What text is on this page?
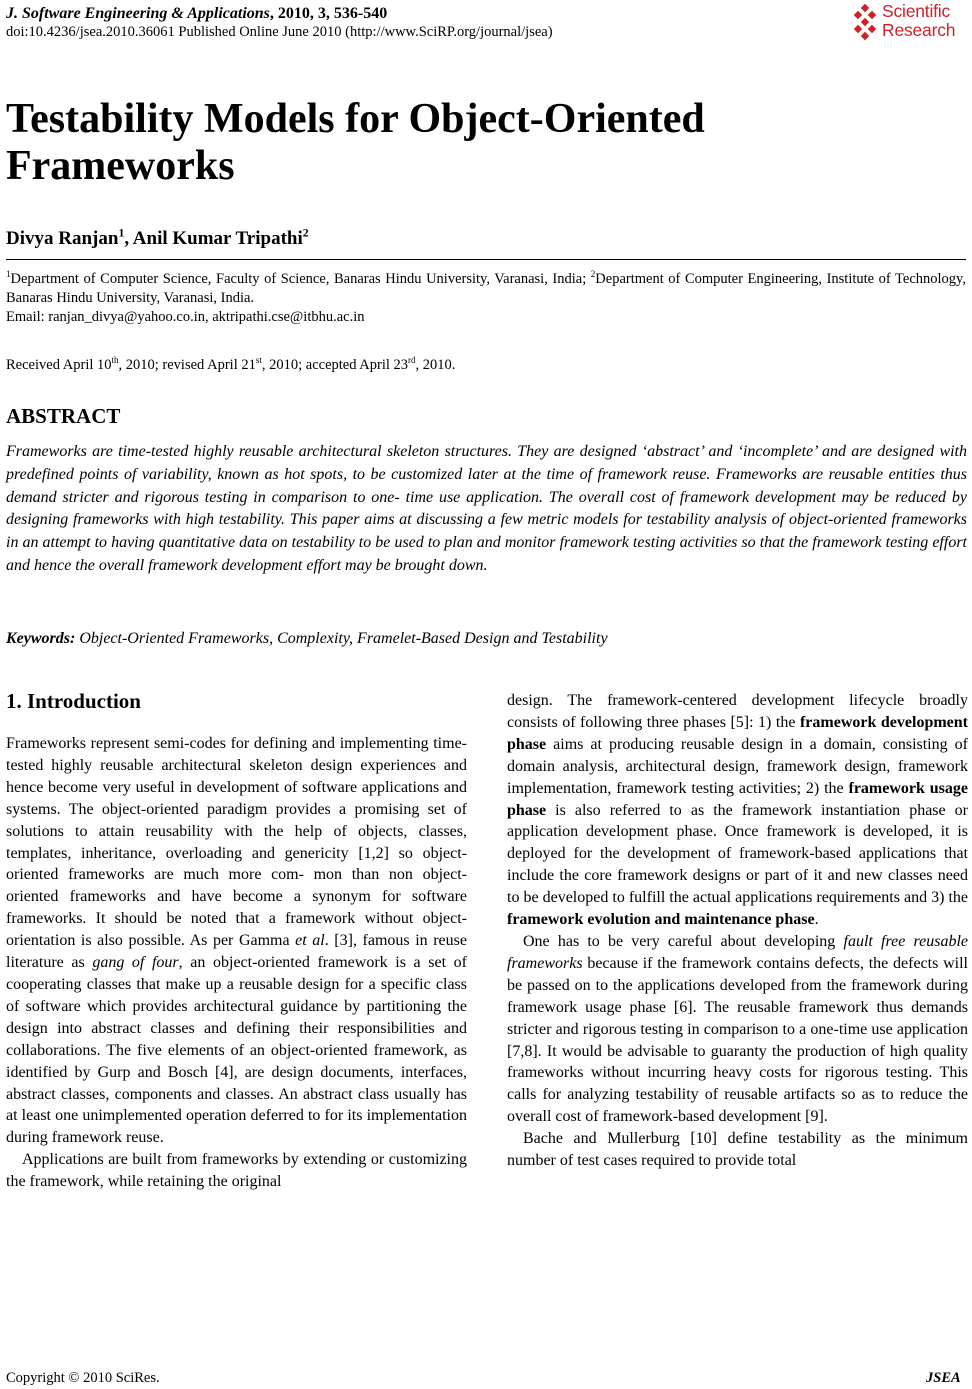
J. Software Engineering & Applications, 2010, 3, 536-540
doi:10.4236/jsea.2010.36061 Published Online June 2010 (http://www.SciRP.org/journal/jsea)
Scientific
Research
Testability Models for Object-Oriented Frameworks
Divya Ranjan$^1$, Anil Kumar Tripathi$^2$
$^1$Department of Computer Science, Faculty of Science, Banaras Hindu University, Varanasi, India; $^2$Department of Computer Engineering, Institute of Technology, Banaras Hindu University, Varanasi, India.
Email: ranjan_divya@yahoo.co.in, aktripathi.cse@itbhu.ac.in
Received April 10th, 2010; revised April 21st, 2010; accepted April 23rd, 2010.
ABSTRACT

Frameworks are time-tested highly reusable architectural skeleton structures. They are designed ‘abstract’ and ‘incomplete’ and are designed with predefined points of variability, known as hot spots, to be customized later at the time of framework reuse. Frameworks are reusable entities thus demand stricter and rigorous testing in comparison to one- time use application. The overall cost of framework development may be reduced by designing frameworks with high testability. This paper aims at discussing a few metric models for testability analysis of object-oriented frameworks in an attempt to having quantitative data on testability to be used to plan and monitor framework testing activities so that the framework testing effort and hence the overall framework development effort may be brought down.

Keywords: Object-Oriented Frameworks, Complexity, Framelet-Based Design and Testability
1. Introduction

Frameworks represent semi-codes for defining and implementing time-tested highly reusable architectural skeleton design experiences and hence become very useful in development of software applications and systems. The object-oriented paradigm provides a promising set of solutions to attain reusability with the help of objects, classes, templates, inheritance, overloading and genericity [1,2] so object-oriented frameworks are much more com- mon than non object-oriented frameworks and have become a synonym for software frameworks. It should be noted that a framework without object-orientation is also possible. As per Gamma et al. [3], famous in reuse literature as gang of four, an object-oriented framework is a set of cooperating classes that make up a reusable design for a specific class of software which provides architectural guidance by partitioning the design into abstract classes and defining their responsibilities and collaborations. The five elements of an object-oriented framework, as identified by Gurp and Bosch [4], are design documents, interfaces, abstract classes, components and classes. An abstract class usually has at least one unimplemented operation deferred to for its implementation during framework reuse.

Applications are built from frameworks by extending or customizing the framework, while retaining the original

design. The framework-centered development lifecycle broadly consists of following three phases [5]: 1) the framework development phase aims at producing reusable design in a domain, consisting of domain analysis, architectural design, framework design, framework implementation, framework testing activities; 2) the framework usage phase is also referred to as the framework instantiation phase or application development phase. Once framework is developed, it is deployed for the development of framework-based applications that include the core framework designs or part of it and new classes need to be developed to fulfill the actual applications requirements and 3) the framework evolution and maintenance phase.

One has to be very careful about developing fault free reusable frameworks because if the framework contains defects, the defects will be passed on to the applications developed from the framework during framework usage phase [6]. The reusable framework thus demands stricter and rigorous testing in comparison to a one-time use application [7,8]. It would be advisable to guaranty the production of high quality frameworks without incurring heavy costs for rigorous testing. This calls for analyzing testability of reusable artifacts so as to reduce the overall cost of framework-based development [9].

Bache and Mullerburg [10] define testability as the minimum number of test cases required to provide total

Copyright © 2010 SciRes.	JSEA
